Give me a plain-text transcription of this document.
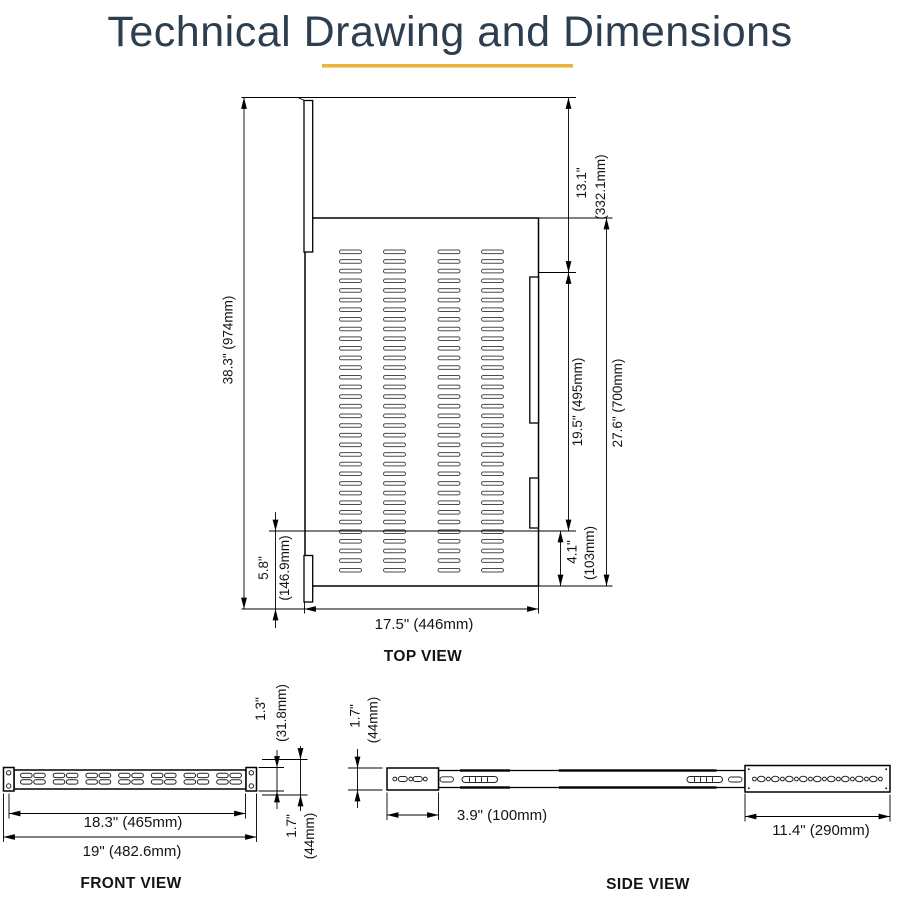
Technical Drawing and Dimensions
38.3" (974mm)
13.1" (332.1mm)
19.5" (495mm) 27.6" (700mm)
5.8" (146.9mm)	4.1" (103mm)
17.5" (446mm)
TOP VIEW
18.3" (465mm)
19" (482.6mm)
1.3" (31.8mm)
1.7" (44mm)
FRONT VIEW
1.7" (44mm)
3.9" (100mm)
11.4" (290mm)
SIDE VIEW
